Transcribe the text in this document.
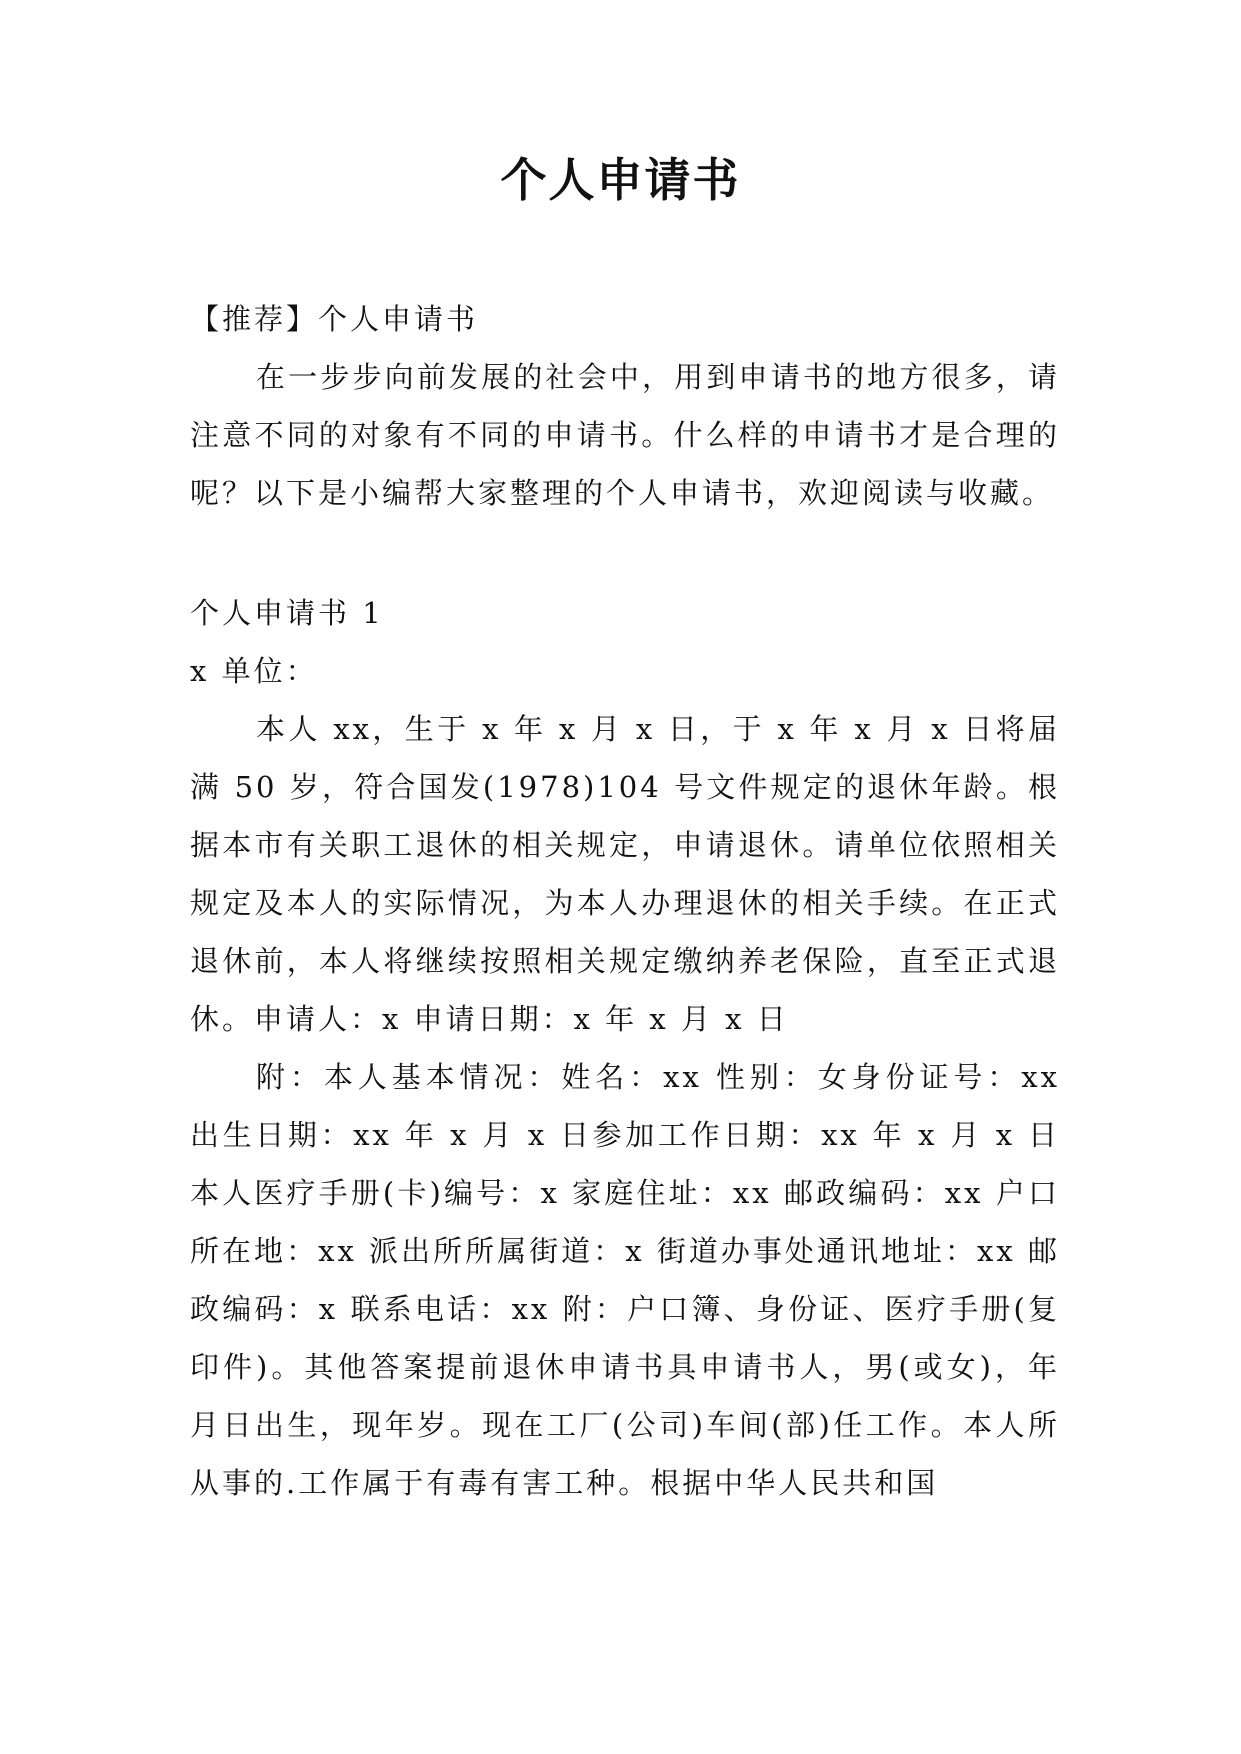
个人申请书

【推荐】个人申请书

在一步步向前发展的社会中，用到申请书的地方很多，请注意不同的对象有不同的申请书。什么样的申请书才是合理的呢？以下是小编帮大家整理的个人申请书，欢迎阅读与收藏。

个人申请书 1

x 单位：

本人 xx，生于 x 年 x 月 x 日，于 x 年 x 月 x 日将届满 50 岁，符合国发(1978)104 号文件规定的退休年龄。根据本市有关职工退休的相关规定，申请退休。请单位依照相关规定及本人的实际情况，为本人办理退休的相关手续。在正式退休前，本人将继续按照相关规定缴纳养老保险，直至正式退休。申请人：x 申请日期：x 年 x 月 x 日

附：本人基本情况：姓名：xx 性别：女身份证号：xx 出生日期：xx 年 x 月 x 日参加工作日期：xx 年 x 月 x 日本人医疗手册(卡)编号：x 家庭住址：xx 邮政编码：xx 户口所在地：xx 派出所所属街道：x 街道办事处通讯地址：xx 邮政编码：x 联系电话：xx 附：户口簿、身份证、医疗手册(复印件)。其他答案提前退休申请书具申请书人，男(或女)，年月日出生，现年岁。现在工厂(公司)车间(部)任工作。本人所从事的.工作属于有毒有害工种。根据中华人民共和国
